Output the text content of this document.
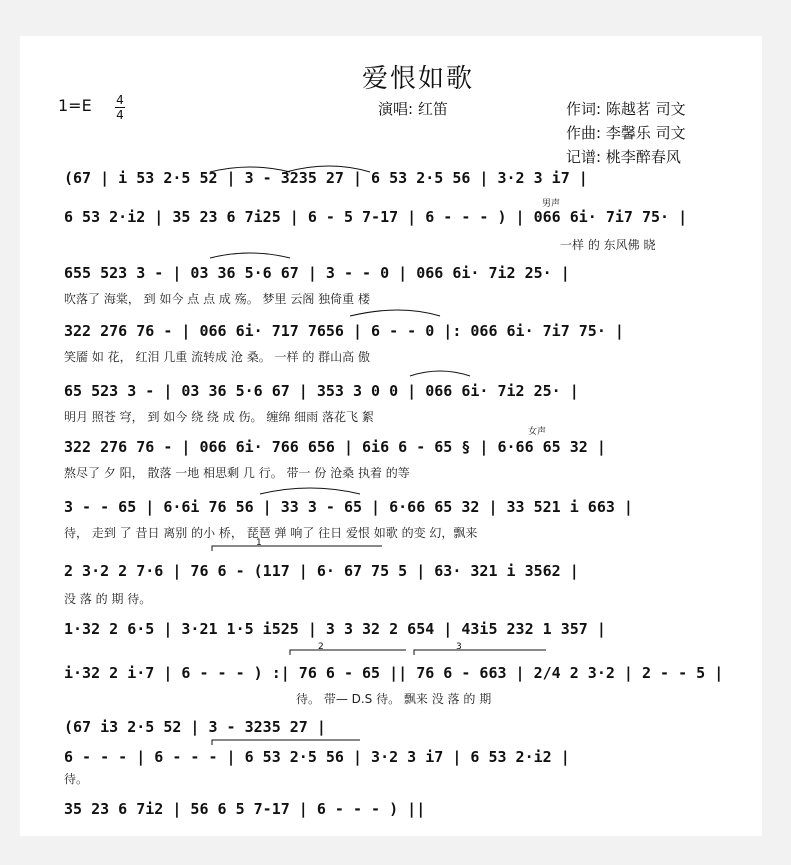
爱恨如歌
1=E 4
4	演唱: 红笛	作词: 陈越茗 司文
作曲: 李馨乐 司文
记谱: 桃李醉春风
(67 | i 53 2·5 52 | 3 - 3235 27 | 6 53 2·5 56 | 3·2 3 i7 |
6 53 2·i2 | 35 23 6 7i25 | 6 - 5 7-17 | 6 - - - ) | 066 6i· 7i7 75· |
一样 的 东风佛 晓
655 523 3 - | 03 36 5·6 67 | 3 - - 0 | 066 6i· 7i2 25· |
吹落了 海棠， 到 如今 点 点 成 殇。 梦里 云阁 独倚重 楼
322 276 76 - | 066 6i· 717 7656 | 6 - - 0 |: 066 6i· 7i7 75· |
笑靥 如 花， 红泪 几重 流转成 沧 桑。 一样 的 群山高 傲
65 523 3 - | 03 36 5·6 67 | 353 3 0 0 | 066 6i· 7i2 25· |
明月 照苍 穹， 到 如今 绕 绕 成 伤。 缠绵 细雨 落花飞 絮
322 276 76 - | 066 6i· 766 656 | 6i6 6 - 65 § | 6·66 65 32 |
熬尽了 夕 阳， 散落 一地 相思剩 几 行。 带一 份 沧桑 执着 的等
3 - - 65 | 6·6i 76 56 | 33 3 - 65 | 6·66 65 32 | 33 521 i 663 |
待， 走到 了 昔日 离别 的小 桥， 琵琶 弹 响了 往日 爱恨 如歌 的变 幻，飘来
2 3·2 2 7·6 | 76 6 - (117 | 6· 67 75 5 | 63· 321 i 3562 |
没 落 的 期 待。
1·32 2 6·5 | 3·21 1·5 i525 | 3 3 32 2 654 | 43i5 232 1 357 |
i·32 2 i·7 | 6 - - - ) :| 76 6 - 65 || 76 6 - 663 | 2/4 2 3·2 | 2 - - 5 |
待。 带— D.S 待。 飘来 没 落 的 期
(67 i3 2·5 52 | 3 - 3235 27 |
6 - - - | 6 - - - | 6 53 2·5 56 | 3·2 3 i7 | 6 53 2·i2 |
待。
35 23 6 7i2 | 56 6 5 7-17 | 6 - - - ) ||
男声
女声
1
2	3
